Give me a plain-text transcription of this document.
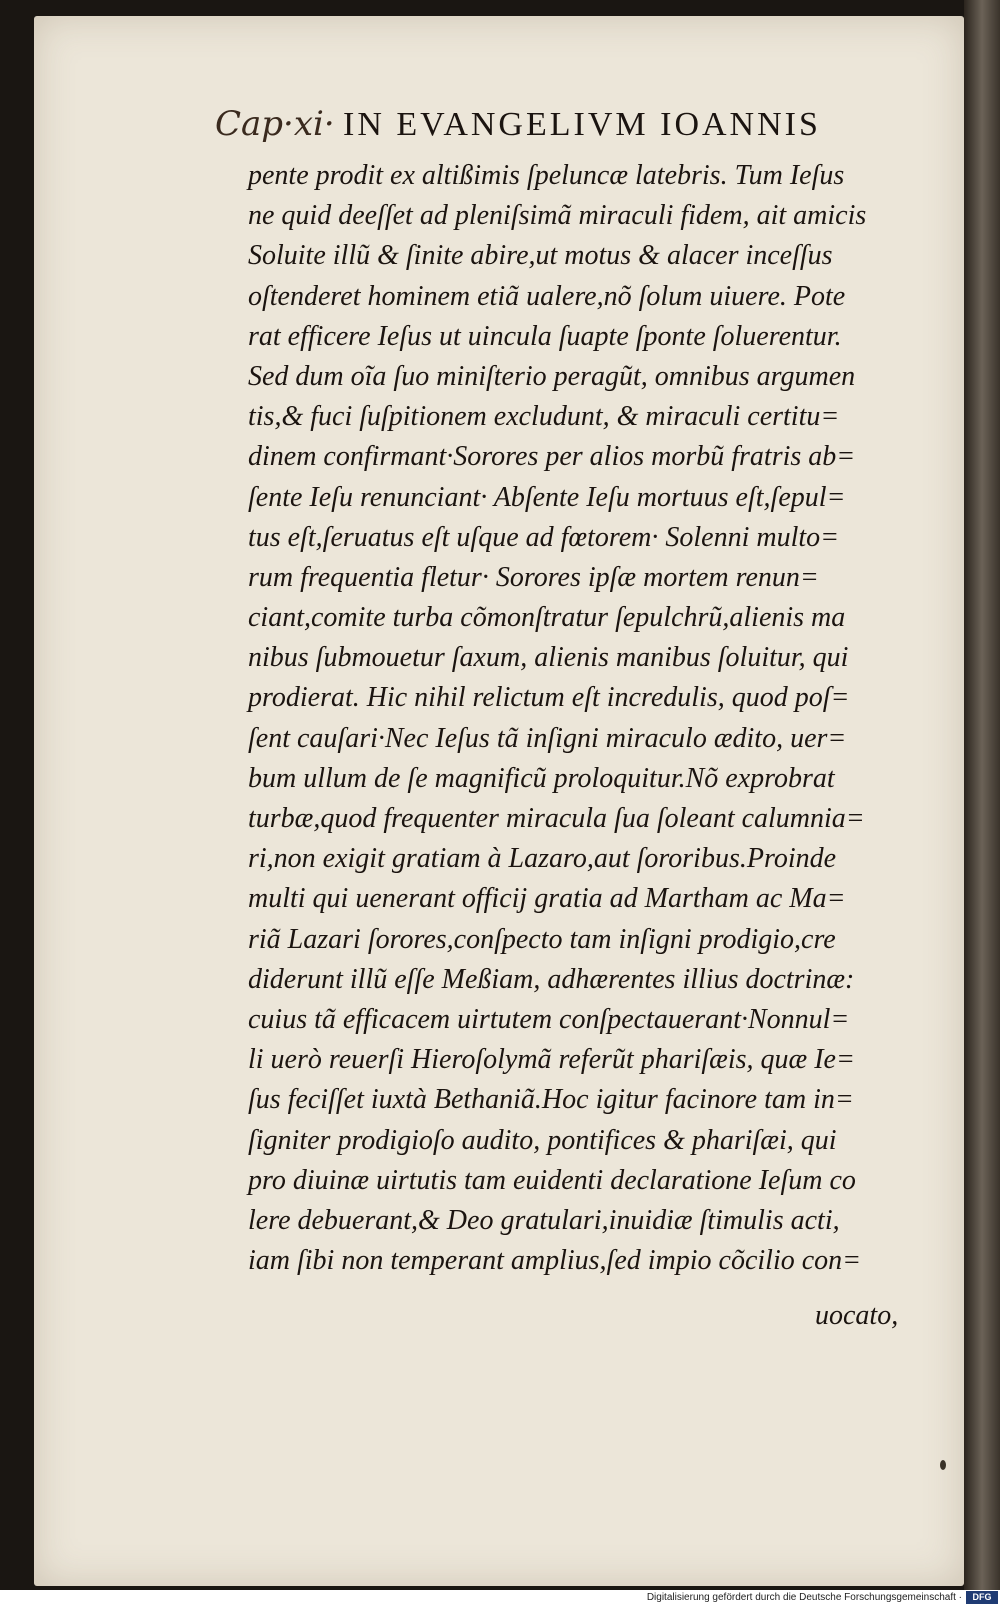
Cap·xi· IN EVANGELIVM IOANNIS
pente prodit ex altißimis ſpeluncæ latebris. Tum Ieſus
ne quid deeſſet ad pleniſsimã miraculi fidem, ait amicis
Soluite illũ & ſinite abire,ut motus & alacer inceſſus
oſtenderet hominem etiã ualere,nõ ſolum uiuere. Pote
rat efficere Ieſus ut uincula ſuapte ſponte ſoluerentur.
Sed dum oĩa ſuo miniſterio peragũt, omnibus argumen
tis,& fuci ſuſpitionem excludunt, & miraculi certitu=
dinem confirmant·Sorores per alios morbũ fratris ab=
ſente Ieſu renunciant· Abſente Ieſu mortuus eſt,ſepul=
tus eſt,ſeruatus eſt uſque ad fœtorem· Solenni multo=
rum frequentia fletur· Sorores ipſæ mortem renun=
ciant,comite turba cõmonſtratur ſepulchrũ,alienis ma
nibus ſubmouetur ſaxum, alienis manibus ſoluitur, qui
prodierat. Hic nihil relictum eſt incredulis, quod poſ=
ſent cauſari·Nec Ieſus tã inſigni miraculo ædito, uer=
bum ullum de ſe magnificũ proloquitur.Nõ exprobrat
turbæ,quod frequenter miracula ſua ſoleant calumnia=
ri,non exigit gratiam à Lazaro,aut ſororibus.Proinde
multi qui uenerant officij gratia ad Martham ac Ma=
riã Lazari ſorores,conſpecto tam inſigni prodigio,cre
diderunt illũ eſſe Meßiam, adhærentes illius doctrinæ:
cuius tã efficacem uirtutem conſpectauerant·Nonnul=
li uerò reuerſi Hieroſolymã referũt phariſæis, quæ Ie=
ſus feciſſet iuxtà Bethaniã.Hoc igitur facinore tam in=
ſigniter prodigioſo audito, pontifices & phariſæi, qui
pro diuinæ uirtutis tam euidenti declaratione Ieſum co
lere debuerant,& Deo gratulari,inuidiæ ſtimulis acti,
iam ſibi non temperant amplius,ſed impio cõcilio con=
uocato,
Digitalisierung gefördert durch die Deutsche Forschungsgemeinschaft ·	DFG
